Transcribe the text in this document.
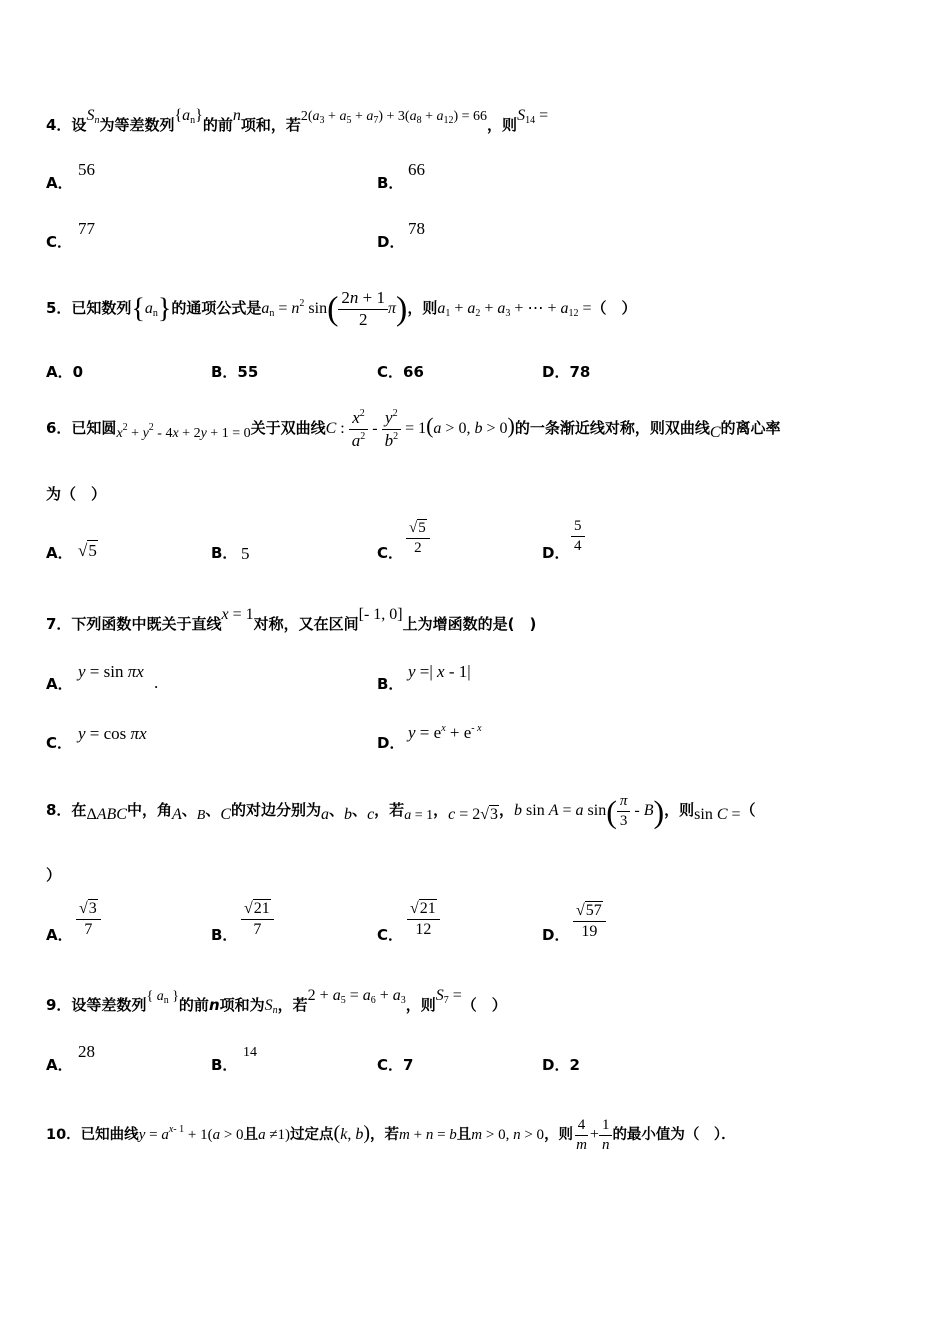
4．设$S_n$为等差数列$\{a_n\}$的前n项和，若$2(a_3 + a_5 + a_7) + 3(a_8 + a_{12}) = 66$，则$S_{14}$ =
A．
56
B．
66
C．
77
D．
78
5．已知数列$\{a_n\}$的通项公式是$a_n = n^2$ $\sin( \frac{2n + 1}{2} \pi)$，则$a_1 + a_2 + a_3$ + ⋯ + $a_{12}$ =（　）
A．0	B．55	C．66	D．78
6．已知圆$x^2 + y^2 - 4x + 2y + 1 = 0$关于双曲线C : $\frac{x^2}{a^2} - \frac{y^2}{b^2} = 1(a > 0$, b > 0)的一条渐近线对称，则双曲线C的离心率
为（　）
A． √5	B． 5	C． $\frac{√5}{2}$	D． $\frac{5}{4}$
7．下列函数中既关于直线x = 1对称，又在区间[- 1, 0]上为增函数的是(　)
A．
y = sin πx
.	B．
y =| x - 1|
C． y = cos πx	D．
$y = e^x + e^{- x}$
8．在ΔABC中，角A、B、C的对边分别为a、b、c，若a = 1，c = 2√3，b sin A = a $\sin( \frac{\pi}{3} - B)$，则sin C =（
）
A． $\frac{√3}{7}$	B． $\frac{√21}{7}$	C． $\frac{√21}{12}$	D． $\frac{√57}{19}$
9．设等差数列{ $a_n$ }的前n项和为$S_n$，若$2 + a_5 = a_6 + a_3$，则$S_7$ =（　）
A．
28
B．
14
C．7	D．2
10．已知曲线$y = a^{x- 1} + 1(a > 0$且a ≠1)过定点(k, b)，若m + n = b且m > 0, n > 0，则 $\frac{4}{m} + \frac{1}{n}$ 的最小值为（　）．
